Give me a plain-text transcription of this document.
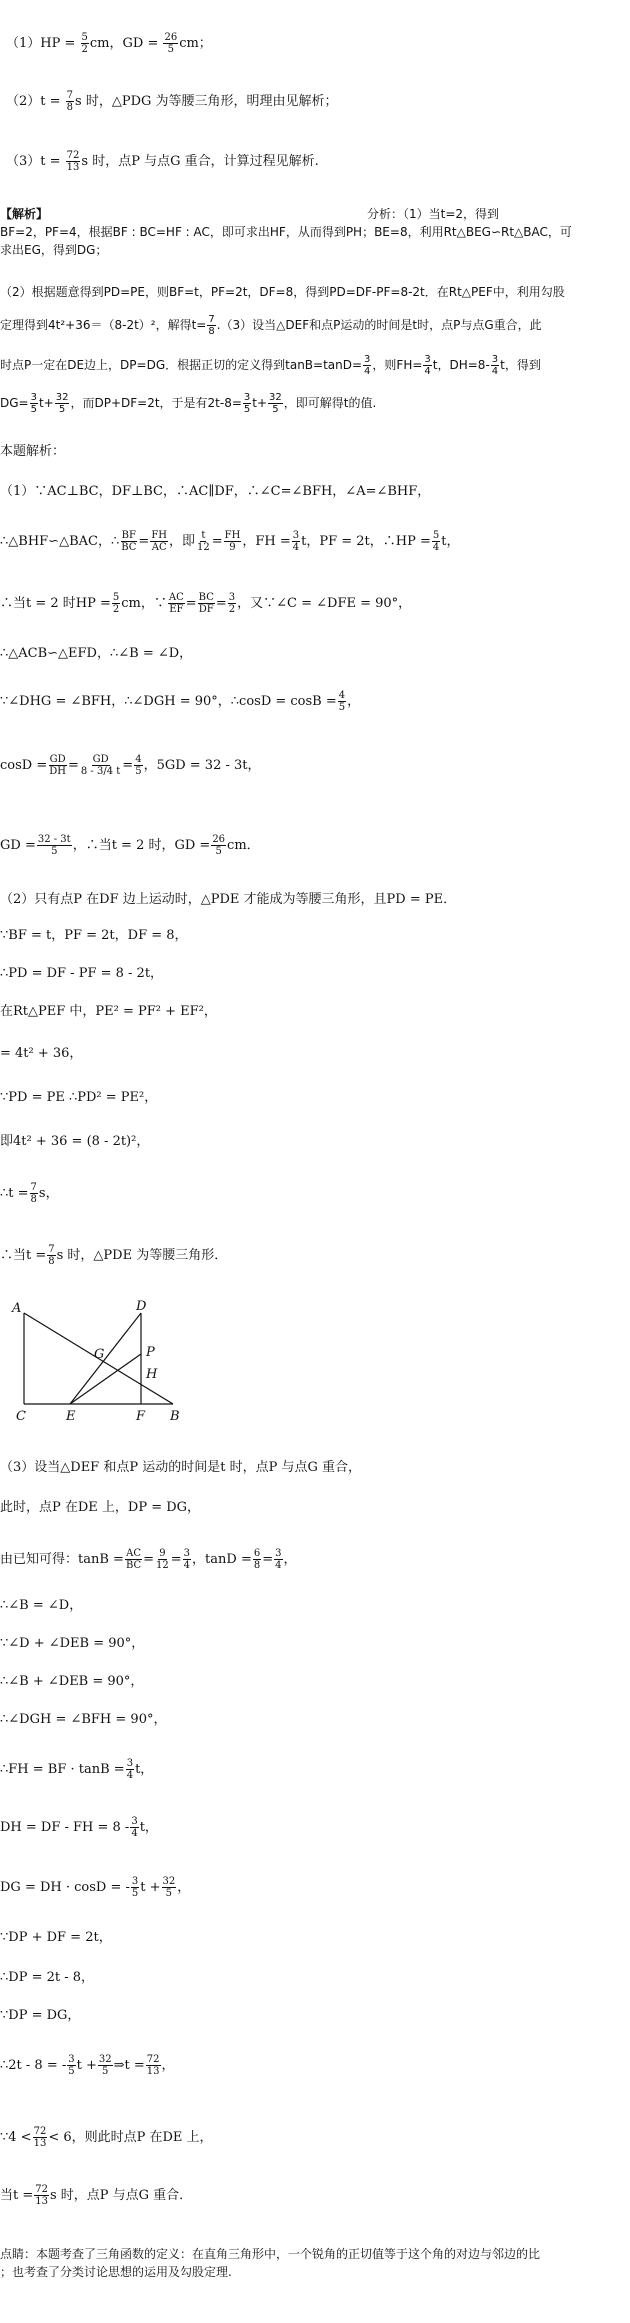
$(1)HP = \frac{5}{2}$ cm，GD = $\frac{26}{5}$ cm；
$(2)t = \frac{7}{8}$ s 时，△PDG 为等腰三角形，明理由见解析；
$(3)t = \frac{72}{13}$ s 时，点P 与点G 重合，计算过程见解析.
【解析】	分析：（1）当t=2，得到
BF=2，PF=4，根据BF : BC=HF : AC，即可求出HF，从而得到PH；BE=8，利用Rt△BEG∽Rt△BAC，可
求出EG，得到DG；
（2）根据题意得到PD=PE，则BF=t，PF=2t，DF=8，得到PD=DF-PF=8-2t．在Rt△PEF中，利用勾股
定理得到4t²+36＝（8-2t）²，解得$t= \frac{7}{8} .(3)$设当△DEF和点P运动的时间是t时，点P与点G重合，此
时点P一定在DE边上，DP=DG．根据正切的定义得到$\tan B=\tan D= \frac{3}{4}$ ，则$FH= \frac{3}{4}$ t，$DH=8- \frac{3}{4}$ t，得到
$DG= \frac{3}{5} t+ \frac{32}{5}$ ，而DP+DF=2t，于是有$2t-8= \frac{3}{5} t+ \frac{32}{5}$ ，即可解得t的值.
本题解析：
（1）∵AC⊥BC，DF⊥BC，∴AC∥DF，∴∠C=∠BFH，∠A=∠BHF，
∴△BHF∽△BAC，∴ $\frac{BF}{BC} = \frac{FH}{AC}$ ，即 $\frac{t}{12} = \frac{FH}{9}$ ，FH = $\frac{3}{4}$ t，PF = 2t，∴HP = $\frac{5}{4}$ t，
∴当t = 2 时HP = $\frac{5}{2}$ cm，∵ $\frac{AC}{EF} = \frac{BC}{DF} = \frac{3}{2}$ ，又∵∠C = ∠DFE = 90°，
∴△ACB∽△EFD，∴∠B = ∠D，
∵∠DHG = ∠BFH，∴∠DGH = 90°，∴cosD = $\cos B = \frac{4}{5}$ ，
$\cos D = \frac{GD}{DH} = \frac{GD}{8 - 3/4 t} = \frac{4}{5}$ ，5GD = 32 - 3t，
GD = $\frac{32 - 3t}{5}$ ，∴当t = 2 时，GD = $\frac{26}{5}$ cm．
（2）只有点P 在DF 边上运动时，△PDE 才能成为等腰三角形，且PD = PE．
∵BF = t，PF = 2t，DF = 8，
∴PD = DF - PF = 8 - 2t，
在Rt△PEF 中，PE² = PF² + EF²，
= 4t² + 36，
∵PD = PE ∴PD² = PE²，
即4t² + 36 = (8 - 2t)²，
∴t = $\frac{7}{8}$ s，
∴当$t = \frac{7}{8}$ s 时，△PDE 为等腰三角形．
A	D
G	P
H
C	E	F B
（3）设当△DEF 和点P 运动的时间是t 时，点P 与点G 重合，
此时，点P 在DE 上，DP = DG，
由已知可得：$\tan B = \frac{AC}{BC} = \frac{9}{12} = \frac{3}{4}$ ，$\tan D = \frac{6}{8} = \frac{3}{4}$ ，
∴∠B = ∠D，
∵∠D + ∠DEB = 90°，
∴∠B + ∠DEB = 90°，
∴∠DGH = ∠BFH = 90°，
∴FH = BF · $\tan B = \frac{3}{4}$ t，
DH = DF - FH = $8 - \frac{3}{4}$ t，
DG = DH · cosD = - $\frac{3}{5}$ $t + \frac{32}{5}$ ，
∵DP + DF = 2t，
∴DP = 2t - 8，
∵DP = DG，
∴2t - 8 = - $\frac{3}{5}$ $t + \frac{32}{5}$ ⇒t = $\frac{72}{13}$ ，
∵4 < $\frac{72}{13} < 6$，则此时点P 在DE 上，
当$t = \frac{72}{13}$ s 时，点P 与点G 重合．
点睛：本题考查了三角函数的定义：在直角三角形中，一个锐角的正切值等于这个角的对边与邻边的比
；也考查了分类讨论思想的运用及勾股定理.
